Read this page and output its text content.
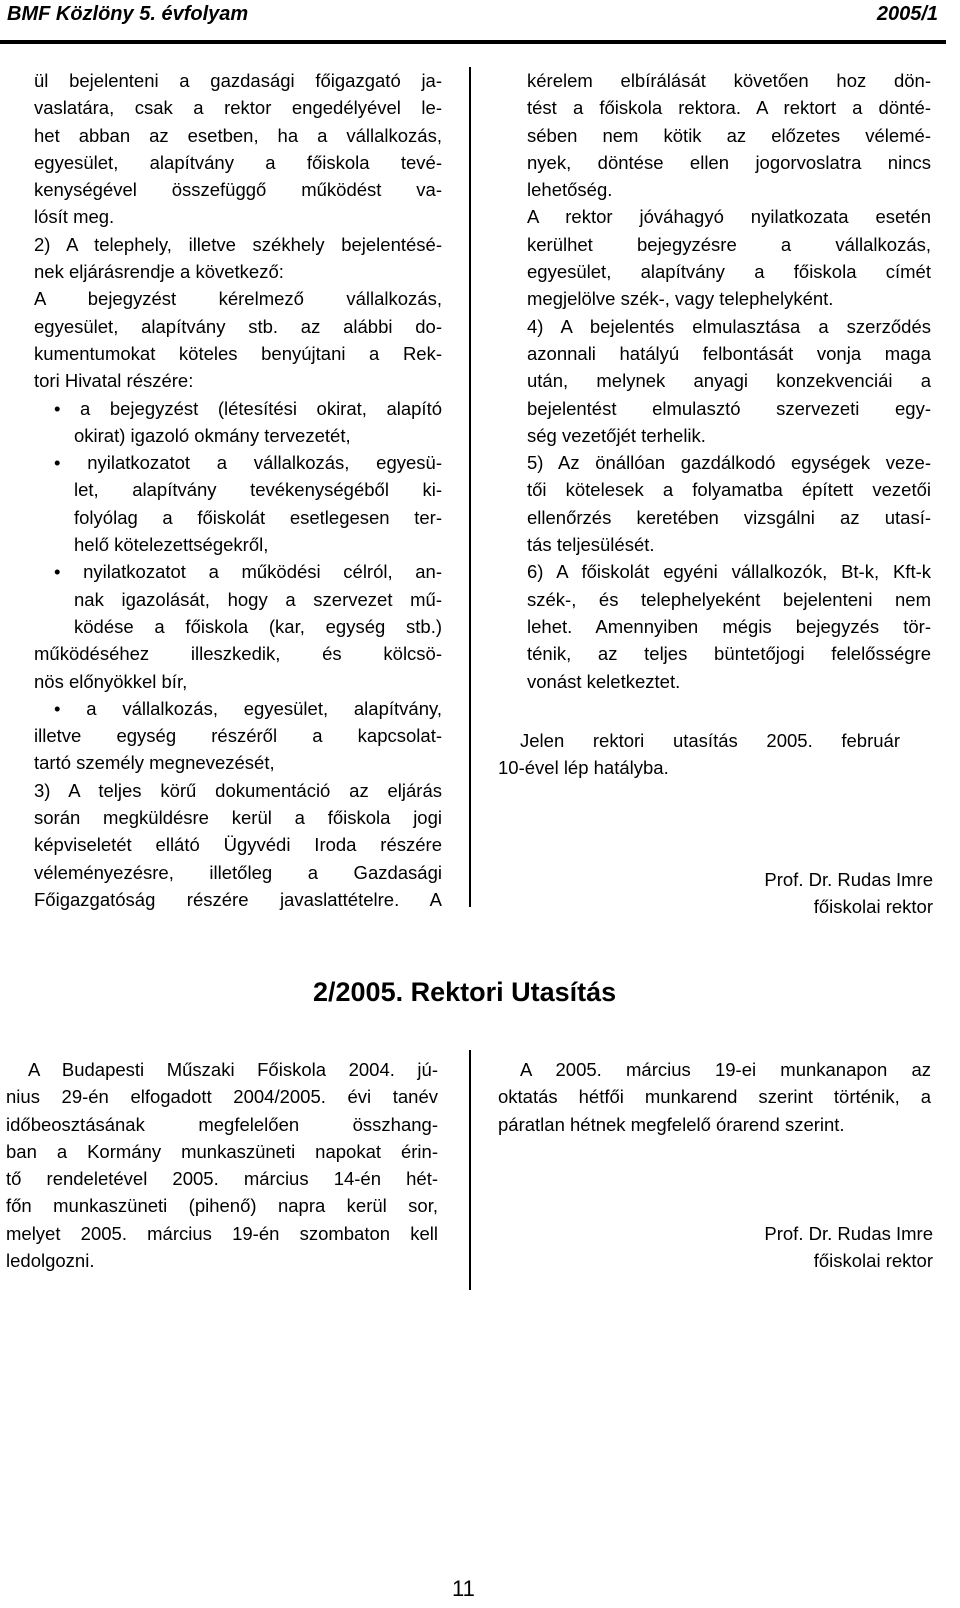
BMF Közlöny 5. évfolyam	2005/1
ül bejelenteni a gazdasági főigazgató ja-
vaslatára, csak a rektor engedélyével le-
het abban az esetben, ha a vállalkozás,
egyesület, alapítvány a főiskola tevé-
kenységével összefüggő működést va-
lósít meg.
2) A telephely, illetve székhely bejelentésé-
nek eljárásrendje a következő:
A bejegyzést kérelmező vállalkozás,
egyesület, alapítvány stb. az alábbi do-
kumentumokat köteles benyújtani a Rek-
tori Hivatal részére:
• a bejegyzést (létesítési okirat, alapító
okirat) igazoló okmány tervezetét,
• nyilatkozatot a vállalkozás, egyesü-
let, alapítvány tevékenységéből ki-
folyólag a főiskolát esetlegesen ter-
helő kötelezettségekről,
• nyilatkozatot a működési célról, an-
nak igazolását, hogy a szervezet mű-
ködése a főiskola (kar, egység stb.)
működéséhez illeszkedik, és kölcsö-
nös előnyökkel bír,
• a vállalkozás, egyesület, alapítvány,
illetve egység részéről a kapcsolat-
tartó személy megnevezését,
3) A teljes körű dokumentáció az eljárás
során megküldésre kerül a főiskola jogi
képviseletét ellátó Ügyvédi Iroda részére
véleményezésre, illetőleg a Gazdasági
Főigazgatóság részére javaslattételre. A
kérelem elbírálását követően hoz dön-
tést a főiskola rektora. A rektort a dönté-
sében nem kötik az előzetes vélemé-
nyek, döntése ellen jogorvoslatra nincs
lehetőség.
A rektor jóváhagyó nyilatkozata esetén
kerülhet bejegyzésre a vállalkozás,
egyesület, alapítvány a főiskola címét
megjelölve szék-, vagy telephelyként.
4) A bejelentés elmulasztása a szerződés
azonnali hatályú felbontását vonja maga
után, melynek anyagi konzekvenciái a
bejelentést elmulasztó szervezeti egy-
ség vezetőjét terhelik.
5) Az önállóan gazdálkodó egységek veze-
tői kötelesek a folyamatba épített vezetői
ellenőrzés keretében vizsgálni az utasí-
tás teljesülését.
6) A főiskolát egyéni vállalkozók, Bt-k, Kft-k
szék-, és telephelyeként bejelenteni nem
lehet. Amennyiben mégis bejegyzés tör-
ténik, az teljes büntetőjogi felelősségre
vonást keletkeztet.
Jelen rektori utasítás 2005. február
10-ével lép hatályba.
Prof. Dr. Rudas Imre
főiskolai rektor
2/2005. Rektori Utasítás
A Budapesti Műszaki Főiskola 2004. jú-
nius 29-én elfogadott 2004/2005. évi tanév
időbeosztásának megfelelően összhang-
ban a Kormány munkaszüneti napokat érin-
tő rendeletével 2005. március 14-én hét-
főn munkaszüneti (pihenő) napra kerül sor,
melyet 2005. március 19-én szombaton kell
ledolgozni.
A 2005. március 19-ei munkanapon az
oktatás hétfői munkarend szerint történik, a
páratlan hétnek megfelelő órarend szerint.
Prof. Dr. Rudas Imre
főiskolai rektor
11
